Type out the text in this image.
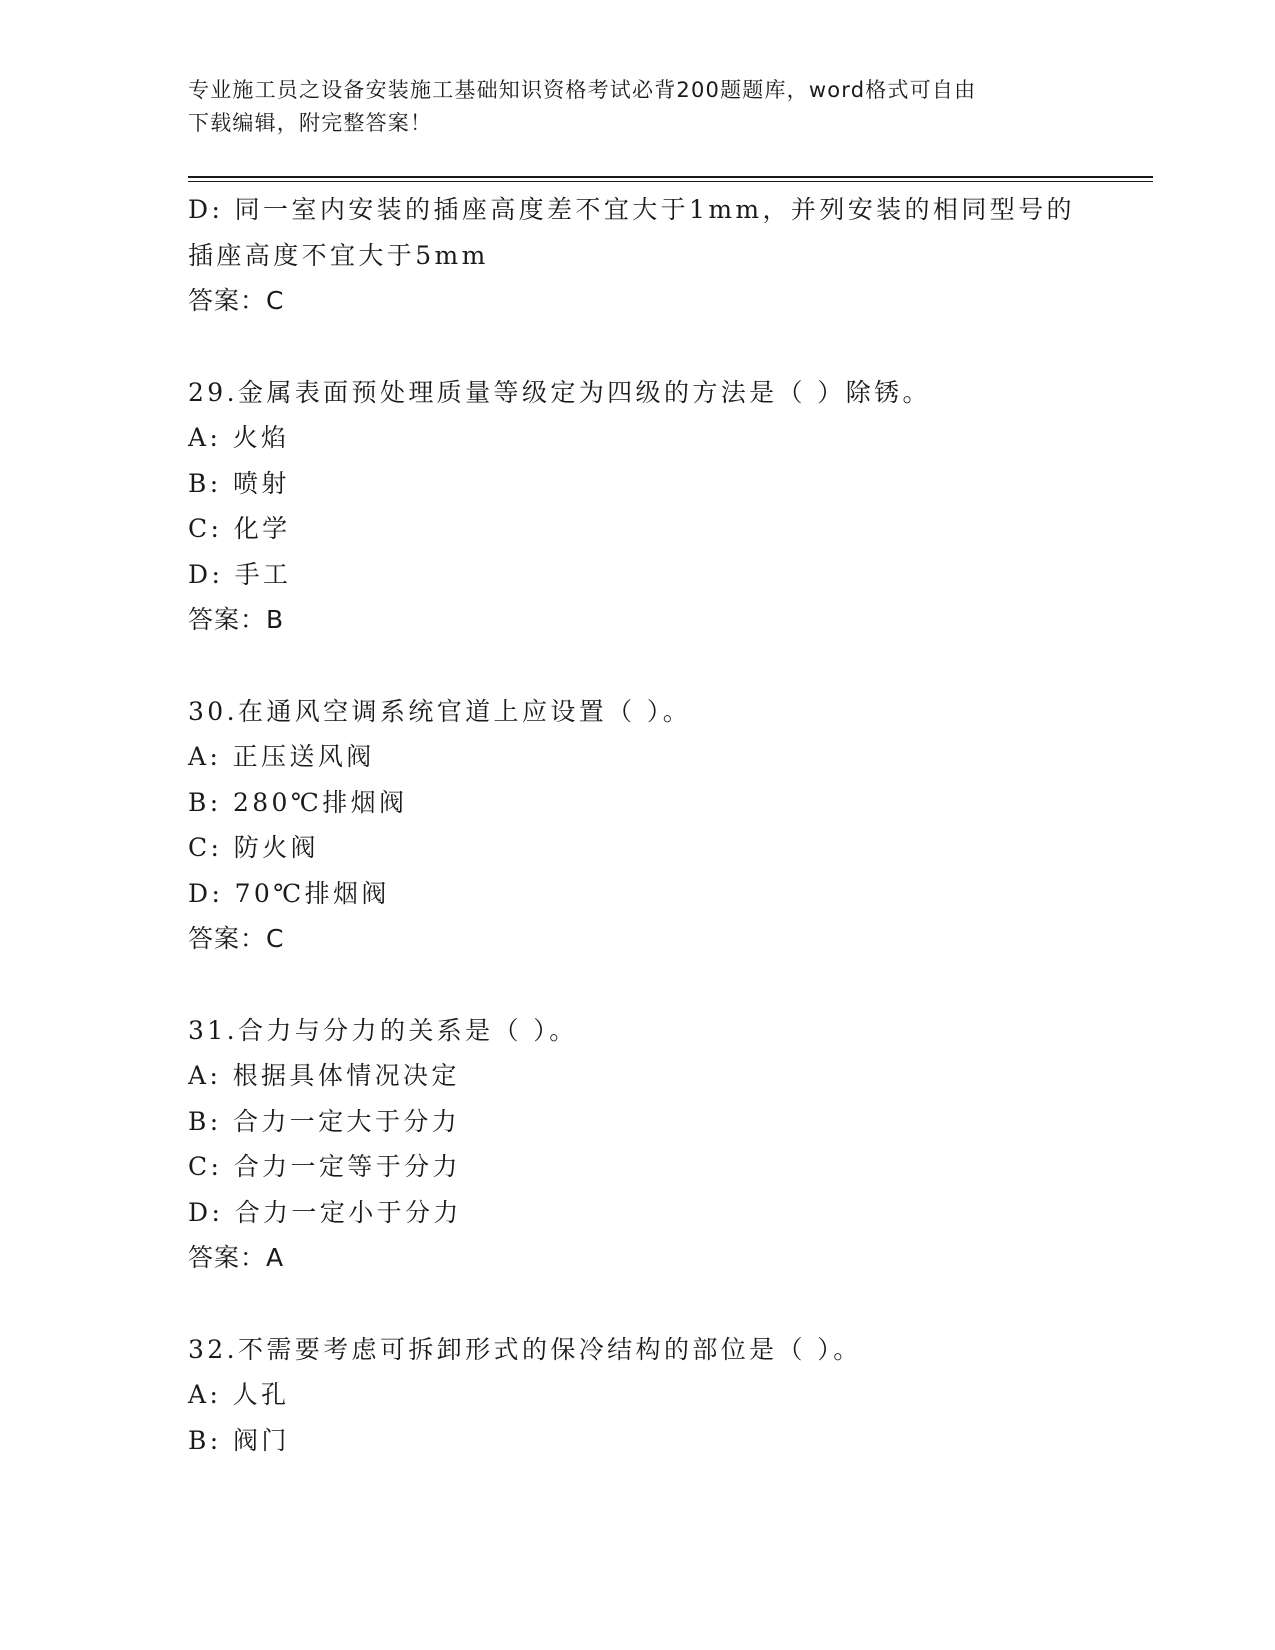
专业施工员之设备安装施工基础知识资格考试必背200题题库，word格式可自由
下载编辑，附完整答案！
D: 同一室内安装的插座高度差不宜大于1mm，并列安装的相同型号的
插座高度不宜大于5mm
答案：C
29.金属表面预处理质量等级定为四级的方法是（ ）除锈。
A: 火焰
B: 喷射
C: 化学
D: 手工
答案：B
30.在通风空调系统官道上应设置（ ）。
A: 正压送风阀
B: 280℃排烟阀
C: 防火阀
D: 70℃排烟阀
答案：C
31.合力与分力的关系是（ ）。
A: 根据具体情况决定
B: 合力一定大于分力
C: 合力一定等于分力
D: 合力一定小于分力
答案：A
32.不需要考虑可拆卸形式的保冷结构的部位是（ ）。
A: 人孔
B: 阀门
